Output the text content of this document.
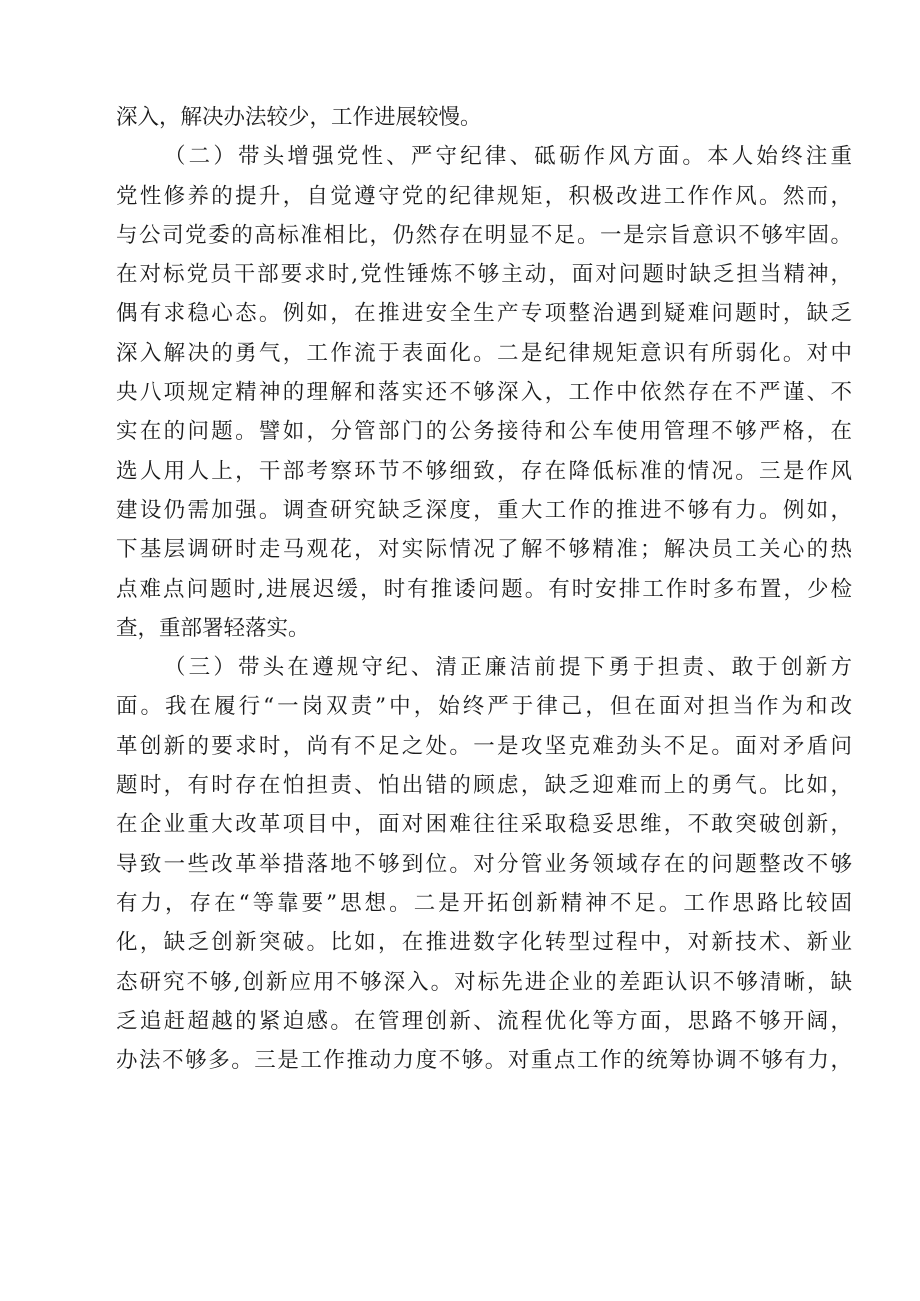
深入，解决办法较少，工作进展较慢。
（二）带头增强党性、严守纪律、砥砺作风方面。本人始终注重
党性修养的提升，自觉遵守党的纪律规矩，积极改进工作作风。然而，
与公司党委的高标准相比，仍然存在明显不足。一是宗旨意识不够牢固。
在对标党员干部要求时,党性锤炼不够主动，面对问题时缺乏担当精神，
偶有求稳心态。例如，在推进安全生产专项整治遇到疑难问题时，缺乏
深入解决的勇气，工作流于表面化。二是纪律规矩意识有所弱化。对中
央八项规定精神的理解和落实还不够深入，工作中依然存在不严谨、不
实在的问题。譬如，分管部门的公务接待和公车使用管理不够严格，在
选人用人上，干部考察环节不够细致，存在降低标准的情况。三是作风
建设仍需加强。调查研究缺乏深度，重大工作的推进不够有力。例如，
下基层调研时走马观花，对实际情况了解不够精准；解决员工关心的热
点难点问题时,进展迟缓，时有推诿问题。有时安排工作时多布置，少检
查，重部署轻落实。
（三）带头在遵规守纪、清正廉洁前提下勇于担责、敢于创新方
面。我在履行“一岗双责”中，始终严于律己，但在面对担当作为和改
革创新的要求时，尚有不足之处。一是攻坚克难劲头不足。面对矛盾问
题时，有时存在怕担责、怕出错的顾虑，缺乏迎难而上的勇气。比如，
在企业重大改革项目中，面对困难往往采取稳妥思维，不敢突破创新，
导致一些改革举措落地不够到位。对分管业务领域存在的问题整改不够
有力，存在“等靠要”思想。二是开拓创新精神不足。工作思路比较固
化，缺乏创新突破。比如，在推进数字化转型过程中，对新技术、新业
态研究不够,创新应用不够深入。对标先进企业的差距认识不够清晰，缺
乏追赶超越的紧迫感。在管理创新、流程优化等方面，思路不够开阔，
办法不够多。三是工作推动力度不够。对重点工作的统筹协调不够有力，
